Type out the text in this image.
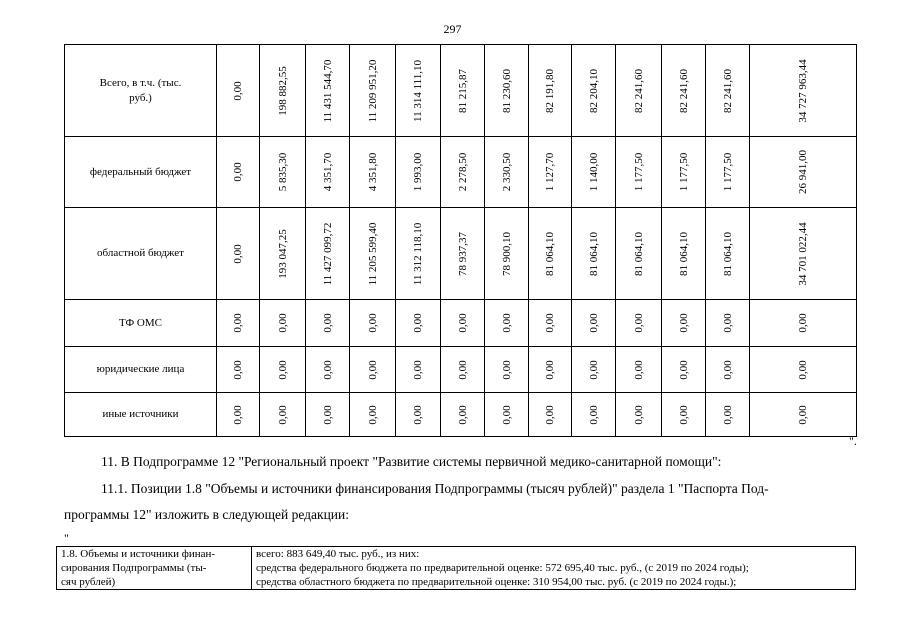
297
Всего, в т.ч. (тыс. руб.)	0,00	198 882,55	11 431 544,70	11 209 951,20	11 314 111,10	81 215,87	81 230,60	82 191,80	82 204,10	82 241,60	82 241,60	82 241,60	34 727 963,44

федеральный бюджет	0,00	5 835,30	4 351,70	4 351,80	1 993,00	2 278,50	2 330,50	1 127,70	1 140,00	1 177,50	1 177,50	1 177,50	26 941,00

областной бюджет	0,00	193 047,25	11 427 099,72	11 205 599,40	11 312 118,10	78 937,37	78 900,10	81 064,10	81 064,10	81 064,10	81 064,10	81 064,10	34 701 022,44

ТФ ОМС	0,00	0,00	0,00	0,00	0,00	0,00	0,00	0,00	0,00	0,00	0,00	0,00	0,00

юридические лица	0,00	0,00	0,00	0,00	0,00	0,00	0,00	0,00	0,00	0,00	0,00	0,00	0,00

иные источники	0,00	0,00	0,00	0,00	0,00	0,00	0,00	0,00	0,00	0,00	0,00	0,00	0,00
".
11. В Подпрограмме 12 "Региональный проект "Развитие системы первичной медико-санитарной помощи":
11.1. Позиции 1.8 "Объемы и источники финансирования Подпрограммы (тысяч рублей)" раздела 1 "Паспорта Под-
программы 12" изложить в следующей редакции:
"
1.8. Объемы и источники финан-
сирования Подпрограммы (ты-
сяч рублей)

всего: 883 649,40 тыс. руб., из них:
средства федерального бюджета по предварительной оценке: 572 695,40 тыс. руб., (с 2019 по 2024 годы);
средства областного бюджета по предварительной оценке: 310 954,00 тыс. руб. (с 2019 по 2024 годы.);
